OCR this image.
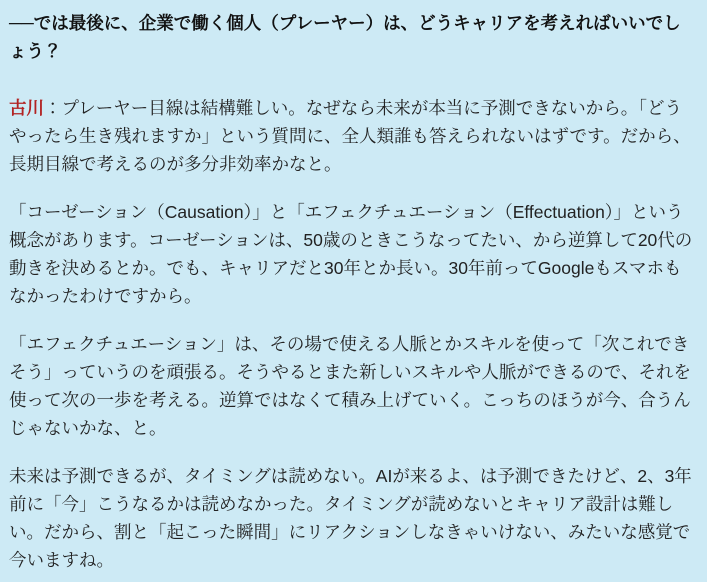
──では最後に、企業で働く個人（プレーヤー）は、どうキャリアを考えればいいでしょう？

古川：プレーヤー目線は結構難しい。なぜなら未来が本当に予測できないから。「どうやったら生き残れますか」という質問に、全人類誰も答えられないはずです。だから、長期目線で考えるのが多分非効率かなと。

「コーゼーション（Causation）」と「エフェクチュエーション（Effectuation）」という概念があります。コーゼーションは、50歳のときこうなってたい、から逆算して20代の動きを決めるとか。でも、キャリアだと30年とか長い。30年前ってGoogleもスマホもなかったわけですから。

「エフェクチュエーション」は、その場で使える人脈とかスキルを使って「次これできそう」っていうのを頑張る。そうやるとまた新しいスキルや人脈ができるので、それを使って次の一歩を考える。逆算ではなくて積み上げていく。こっちのほうが今、合うんじゃないかな、と。

未来は予測できるが、タイミングは読めない。AIが来るよ、は予測できたけど、2、3年前に「今」こうなるかは読めなかった。タイミングが読めないとキャリア設計は難しい。だから、割と「起こった瞬間」にリアクションしなきゃいけない、みたいな感覚で今いますね。
